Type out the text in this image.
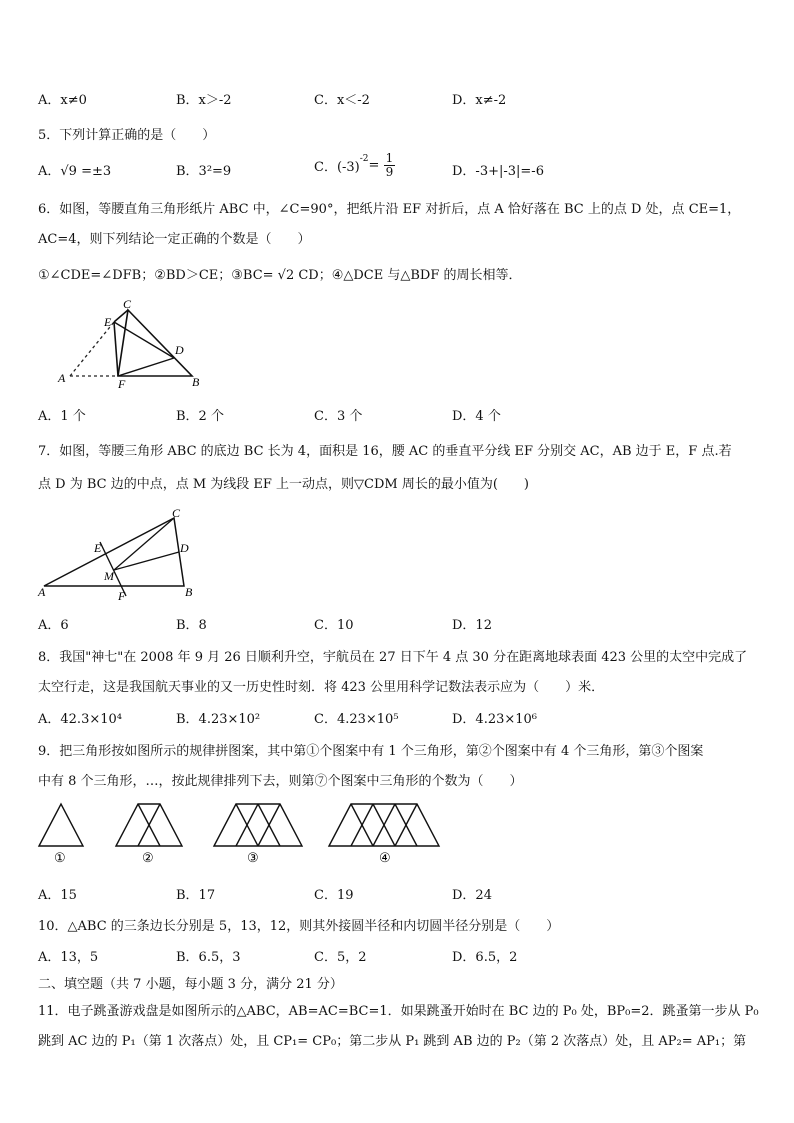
A．x≠0	B．x＞-2	C．x＜-2	D．x≠-2
5．下列计算正确的是（　　）
A．√9 =±3	B．3²=9	C．$(-3)^{-2}= \frac{1}{9}$	D．-3+|-3|=-6
6．如图，等腰直角三角形纸片 ABC 中，∠C=90°，把纸片沿 EF 对折后，点 A 恰好落在 BC 上的点 D 处，点 CE=1，
AC=4，则下列结论一定正确的个数是（　　）
①∠CDE=∠DFB；②BD＞CE；③BC= √2 CD；④△DCE 与△BDF 的周长相等．
C
E
D
A	F	B
A．1 个	B．2 个	C．3 个	D．4 个
7．如图，等腰三角形 ABC 的底边 BC 长为 4，面积是 16，腰 AC 的垂直平分线 EF 分别交 AC，AB 边于 E，F 点.若
点 D 为 BC 边的中点，点 M 为线段 EF 上一动点，则▽CDM 周长的最小值为(　　)
C
E	D
M
A	F	B
A．6	B．8	C．10	D．12
8．我国"神七"在 2008 年 9 月 26 日顺利升空，宇航员在 27 日下午 4 点 30 分在距离地球表面 423 公里的太空中完成了
太空行走，这是我国航天事业的又一历史性时刻．将 423 公里用科学记数法表示应为（　　）米．
A．42.3×10⁴	B．4.23×10²	C．4.23×10⁵	D．4.23×10⁶
9．把三角形按如图所示的规律拼图案，其中第①个图案中有 1 个三角形，第②个图案中有 4 个三角形，第③个图案
中有 8 个三角形，…，按此规律排列下去，则第⑦个图案中三角形的个数为（　　）
①	②	③	④
A．15	B．17	C．19	D．24
10．△ABC 的三条边长分别是 5，13，12，则其外接圆半径和内切圆半径分别是（　　）
A．13，5	B．6.5，3	C．5，2	D．6.5，2
二、填空题（共 7 小题，每小题 3 分，满分 21 分）
11．电子跳蚤游戏盘是如图所示的△ABC，AB=AC=BC=1．如果跳蚤开始时在 BC 边的 P₀ 处，BP₀=2．跳蚤第一步从 P₀
跳到 AC 边的 P₁（第 1 次落点）处，且 CP₁= CP₀；第二步从 P₁ 跳到 AB 边的 P₂（第 2 次落点）处，且 AP₂= AP₁；第
